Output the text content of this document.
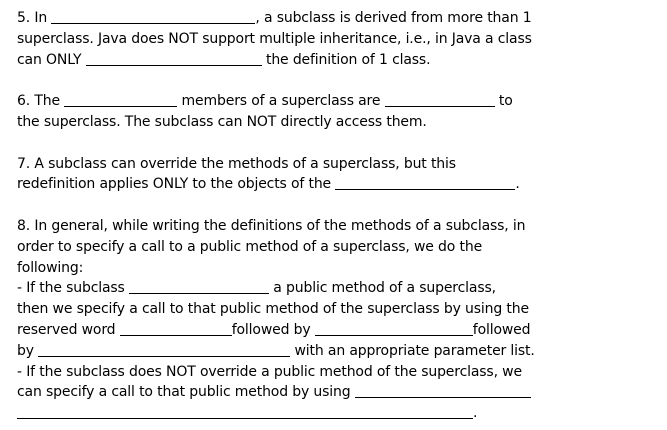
5. In	, a subclass is derived from more than 1
superclass. Java does NOT support multiple inheritance, i.e., in Java a class
can ONLY	the definition of 1 class.
6. The	members of a superclass are	to
the superclass. The subclass can NOT directly access them.
7. A subclass can override the methods of a superclass, but this
redefinition applies ONLY to the objects of the	.
8. In general, while writing the definitions of the methods of a subclass, in
order to specify a call to a public method of a superclass, we do the
following:
- If the subclass	a public method of a superclass,
then we specify a call to that public method of the superclass by using the
reserved word	followed by	followed
by	with an appropriate parameter list.
- If the subclass does NOT override a public method of the superclass, we
can specify a call to that public method by using
.
